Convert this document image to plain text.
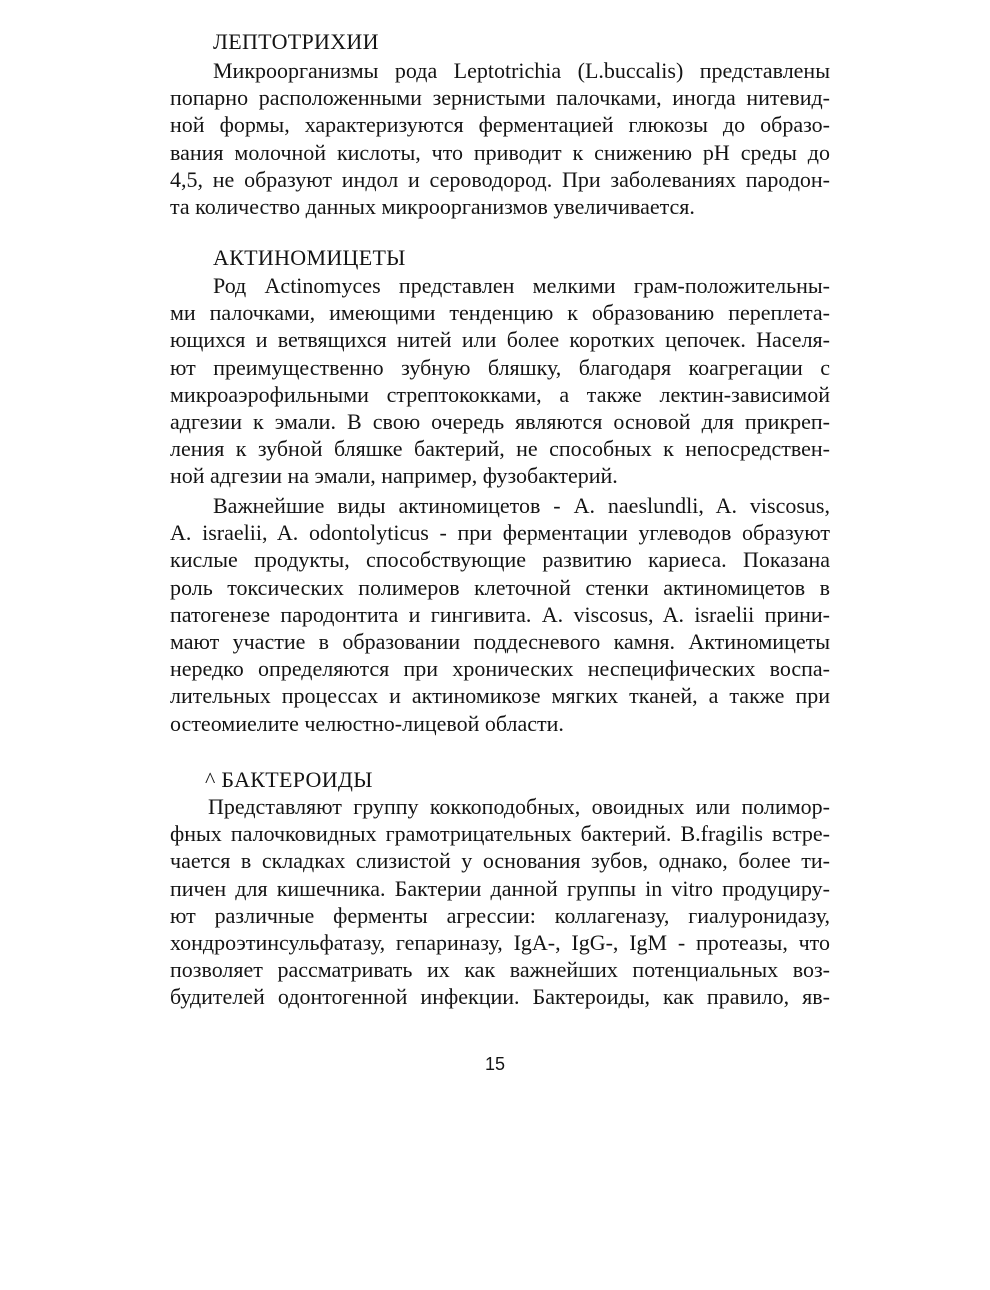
ЛЕПТОТРИХИИ
Микроорганизмы рода Leptotrichia (L.buccalis) представлены
попарно расположенными зернистыми палочками, иногда нитевид-
ной формы, характеризуются ферментацией глюкозы до образо-
вания молочной кислоты, что приводит к снижению pH среды до
4,5, не образуют индол и сероводород. При заболеваниях пародон-
та количество данных микроорганизмов увеличивается.
АКТИНОМИЦЕТЫ
Род Actinomyces представлен мелкими грам-положительны-
ми палочками, имеющими тенденцию к образованию переплета-
ющихся и ветвящихся нитей или более коротких цепочек. Населя-
ют преимущественно зубную бляшку, благодаря коагрегации с
микроаэрофильными стрептококками, а также лектин-зависимой
адгезии к эмали. В свою очередь являются основой для прикреп-
ления к зубной бляшке бактерий, не способных к непосредствен-
ной адгезии на эмали, например, фузобактерий.
Важнейшие виды актиномицетов - A. naeslundli, A. viscosus,
A. israelii, A. odontolyticus - при ферментации углеводов образуют
кислые продукты, способствующие развитию кариеса. Показана
роль токсических полимеров клеточной стенки актиномицетов в
патогенезе пародонтита и гингивита. A. viscosus, A. israelii прини-
мают участие в образовании поддесневого камня. Актиномицеты
нередко определяются при хронических неспецифических воспа-
лительных процессах и актиномикозе мягких тканей, а также при
остеомиелите челюстно-лицевой области.
^ БАКТЕРОИДЫ
Представляют группу коккоподобных, овоидных или полимор-
фных палочковидных грамотрицательных бактерий. B.fragilis встре-
чается в складках слизистой у основания зубов, однако, более ти-
пичен для кишечника. Бактерии данной группы in vitro продуциру-
ют различные ферменты агрессии: коллагеназу, гиалуронидазу,
хондроэтинсульфатазу, гепариназу, IgA-, IgG-, IgM - протеазы, что
позволяет рассматривать их как важнейших потенциальных воз-
будителей одонтогенной инфекции. Бактероиды, как правило, яв-
15
